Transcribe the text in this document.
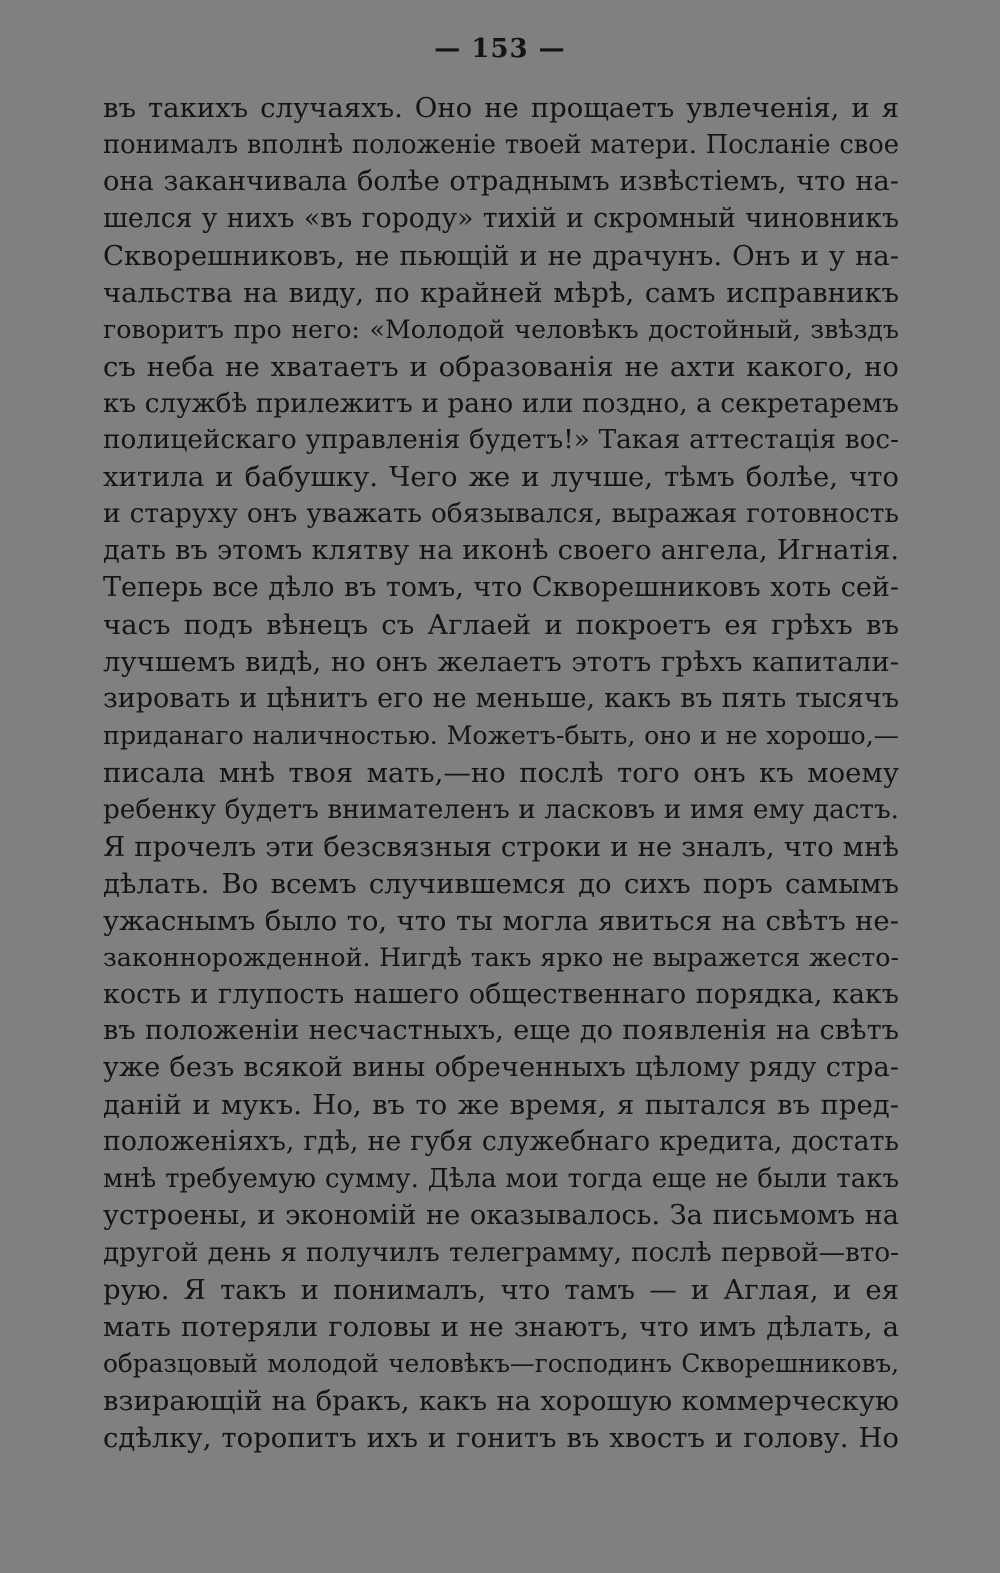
— 153 —
въ такихъ случаяхъ. Оно не прощаетъ увлеченія, и я
понималъ вполнѣ положеніе твоей матери. Посланіе свое
она заканчивала болѣе отраднымъ извѣстіемъ, что на-
шелся у нихъ «въ городу» тихій и скромный чиновникъ
Скворешниковъ, не пьющій и не драчунъ. Онъ и у на-
чальства на виду, по крайней мѣрѣ, самъ исправникъ
говоритъ про него: «Молодой человѣкъ достойный, звѣздъ
съ неба не хватаетъ и образованія не ахти какого, но
къ службѣ прилежитъ и рано или поздно, а секретаремъ
полицейскаго управленія будетъ!» Такая аттестація вос-
хитила и бабушку. Чего же и лучше, тѣмъ болѣе, что
и старуху онъ уважать обязывался, выражая готовность
дать въ этомъ клятву на иконѣ своего ангела, Игнатія.
Теперь все дѣло въ томъ, что Скворешниковъ хоть сей-
часъ подъ вѣнецъ съ Аглаей и покроетъ ея грѣхъ въ
лучшемъ видѣ, но онъ желаетъ этотъ грѣхъ капитали-
зировать и цѣнитъ его не меньше, какъ въ пять тысячъ
приданаго наличностью. Можетъ-быть, оно и не хорошо,—
писала мнѣ твоя мать,—но послѣ того онъ къ моему
ребенку будетъ внимателенъ и ласковъ и имя ему дастъ.
Я прочелъ эти безсвязныя строки и не зналъ, что мнѣ
дѣлать. Во всемъ случившемся до сихъ поръ самымъ
ужаснымъ было то, что ты могла явиться на свѣтъ не-
законнорожденной. Нигдѣ такъ ярко не выражется жесто-
кость и глупость нашего общественнаго порядка, какъ
въ положеніи несчастныхъ, еще до появленія на свѣтъ
уже безъ всякой вины обреченныхъ цѣлому ряду стра-
даній и мукъ. Но, въ то же время, я пытался въ пред-
положеніяхъ, гдѣ, не губя служебнаго кредита, достать
мнѣ требуемую сумму. Дѣла мои тогда еще не были такъ
устроены, и экономій не оказывалось. За письмомъ на
другой день я получилъ телеграмму, послѣ первой—вто-
рую. Я такъ и понималъ, что тамъ — и Аглая, и ея
мать потеряли головы и не знаютъ, что имъ дѣлать, а
образцовый молодой человѣкъ—господинъ Скворешниковъ,
взирающій на бракъ, какъ на хорошую коммерческую
сдѣлку, торопитъ ихъ и гонитъ въ хвостъ и голову. Но
